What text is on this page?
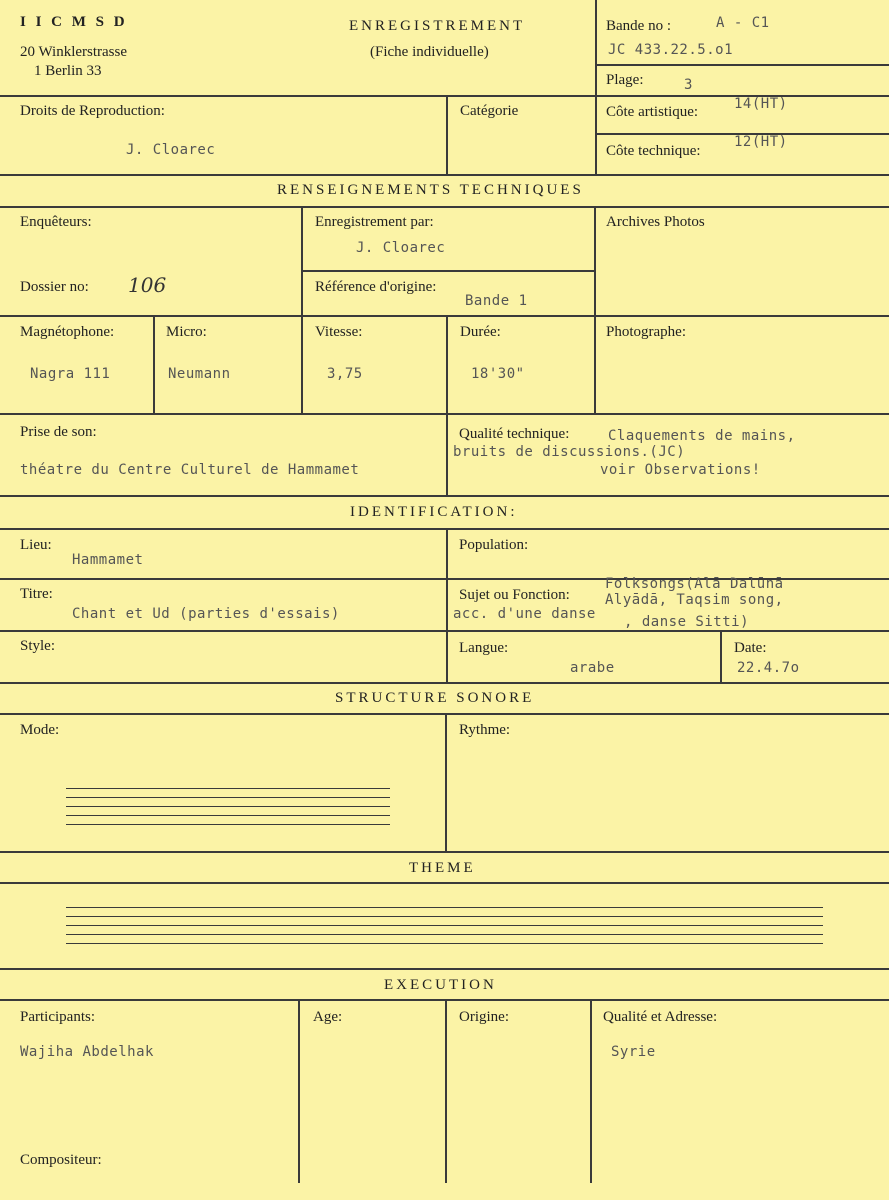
I I C M S D
20 Winklerstrasse
1 Berlin 33
ENREGISTREMENT
(Fiche individuelle)
Bande no :	A - C1
JC 433.22.5.o1
Plage:	3
Droits de Reproduction:
J. Cloarec
Catégorie	Côte artistique:	14(HT)
Côte technique:
12(HT)
RENSEIGNEMENTS TECHNIQUES
Enquêteurs:	Enregistrement par:
J. Cloarec
Archives Photos
Dossier no: 106	Référence d'origine:
Bande 1
Magnétophone:	Micro:	Vitesse:	Durée:	Photographe:
Nagra 111	Neumann	3,75	18'30"
Prise de son:
théatre du Centre Culturel de Hammamet
Qualité technique:	Claquements de mains,
bruits de discussions.(JC)
voir Observations!
IDENTIFICATION:
Lieu:
Hammamet
Population:
Titre:
Chant et Ud (parties d'essais)
Sujet ou Fonction:
Folksongs(Alā Dalūnā
Alyādā, Taqsim song,
acc. d'une danse , danse Sitti)
Style:	Langue:
arabe
Date:
22.4.7o
STRUCTURE SONORE
Mode:	Rythme:
THEME
EXECUTION
Participants:
Wajiha Abdelhak
Age:	Origine:	Qualité et Adresse:
Syrie
Compositeur:
